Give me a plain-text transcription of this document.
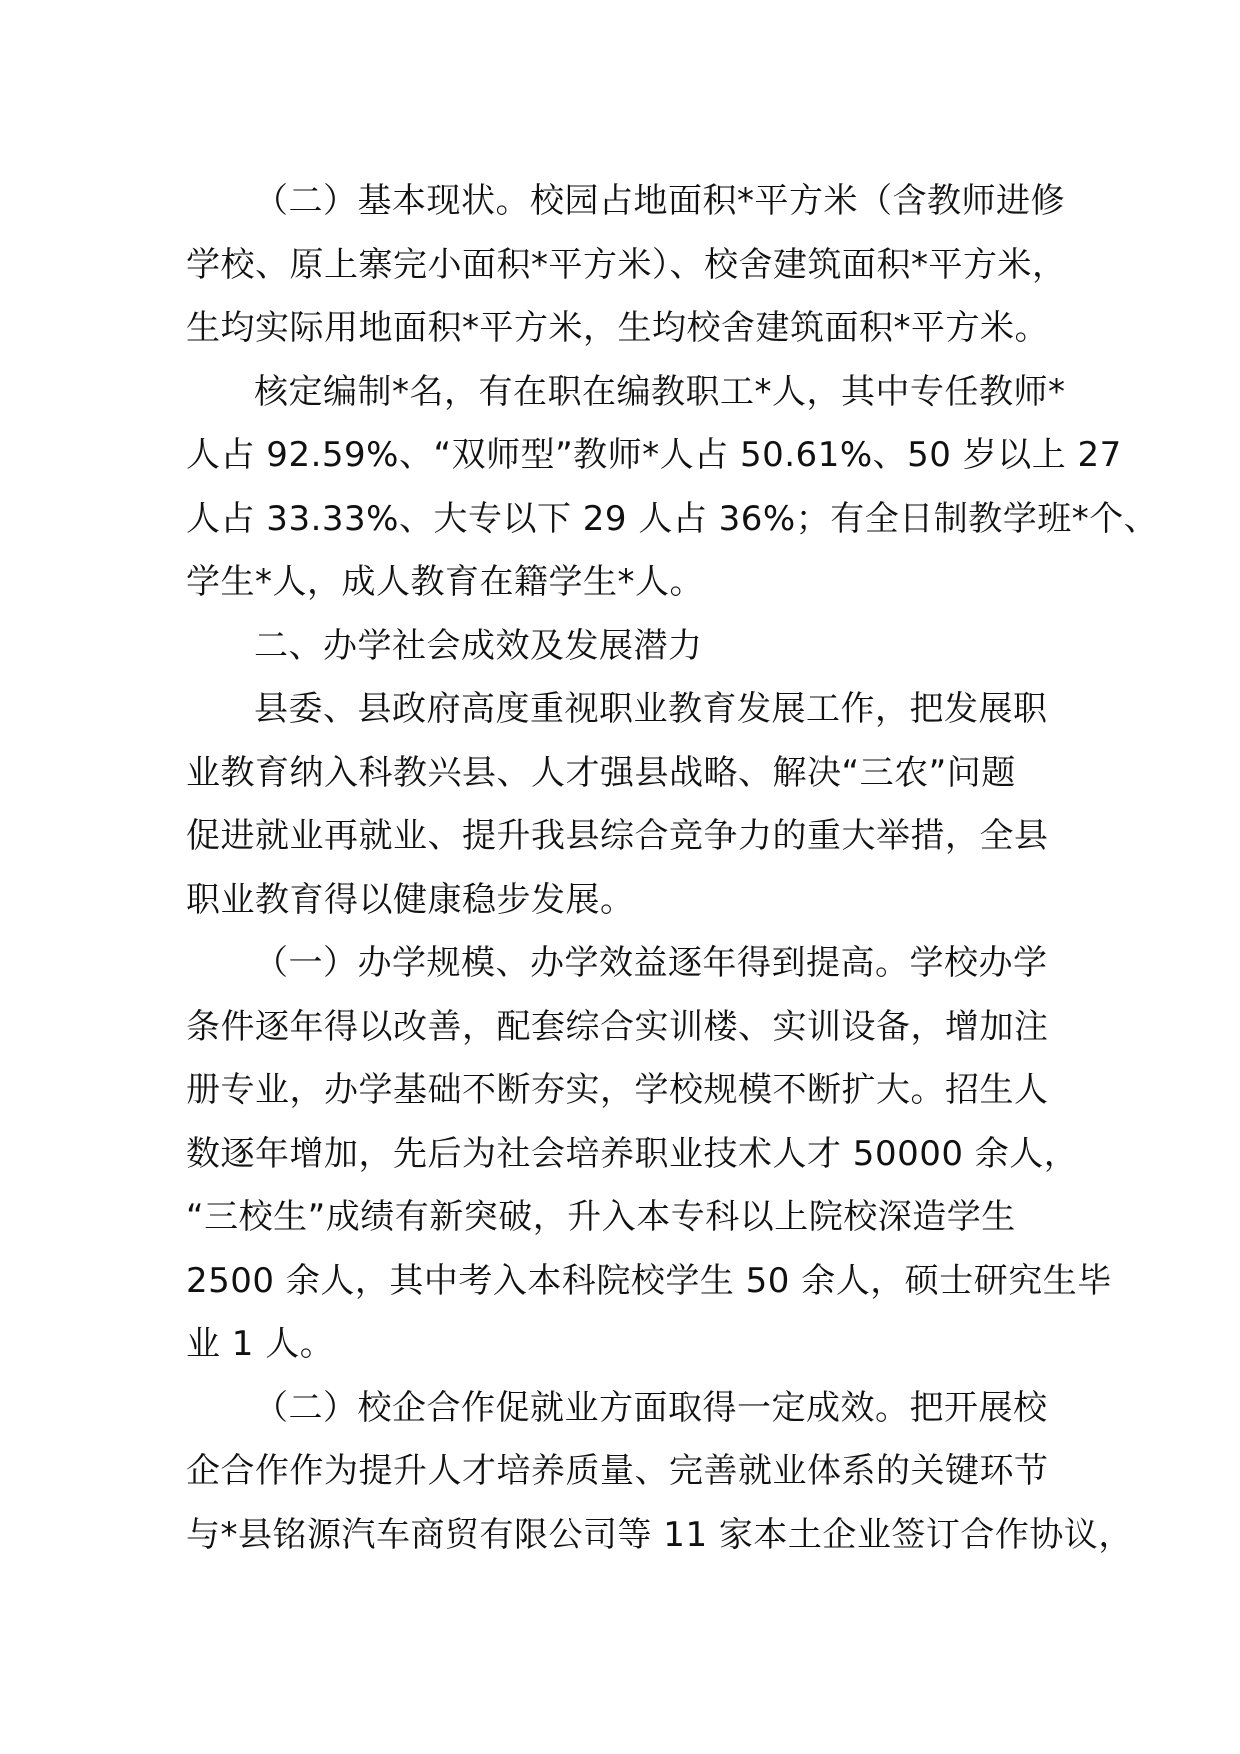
（二）基本现状。校园占地面积*平方米（含教师进修
学校、原上寨完小面积*平方米）、校舍建筑面积*平方米，
生均实际用地面积*平方米，生均校舍建筑面积*平方米。
核定编制*名，有在职在编教职工*人，其中专任教师*
人占 92.59%、“双师型”教师*人占 50.61%、50 岁以上 27
人占 33.33%、大专以下 29 人占 36%；有全日制教学班*个、
学生*人，成人教育在籍学生*人。
二、办学社会成效及发展潜力
县委、县政府高度重视职业教育发展工作，把发展职
业教育纳入科教兴县、人才强县战略、解决“三农”问题
促进就业再就业、提升我县综合竞争力的重大举措，全县
职业教育得以健康稳步发展。
（一）办学规模、办学效益逐年得到提高。学校办学
条件逐年得以改善，配套综合实训楼、实训设备，增加注
册专业，办学基础不断夯实，学校规模不断扩大。招生人
数逐年增加，先后为社会培养职业技术人才 50000 余人，
“三校生”成绩有新突破，升入本专科以上院校深造学生
2500 余人，其中考入本科院校学生 50 余人，硕士研究生毕
业 1 人。
（二）校企合作促就业方面取得一定成效。把开展校
企合作作为提升人才培养质量、完善就业体系的关键环节
与*县铭源汽车商贸有限公司等 11 家本土企业签订合作协议，
